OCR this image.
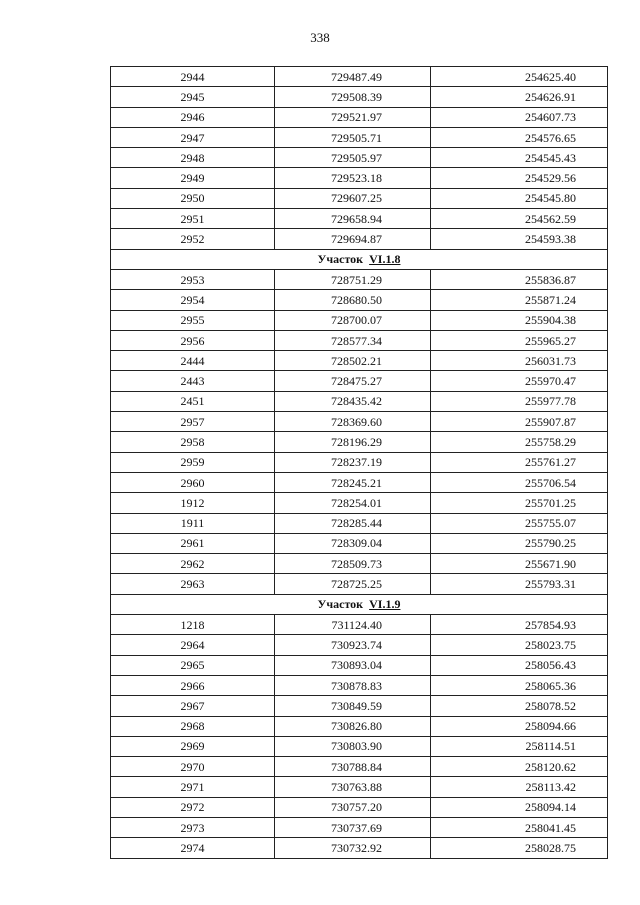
338
2944	729487.49	254625.40
2945	729508.39	254626.91
2946	729521.97	254607.73
2947	729505.71	254576.65
2948	729505.97	254545.43
2949	729523.18	254529.56
2950	729607.25	254545.80
2951	729658.94	254562.59
2952	729694.87	254593.38
Участок VI.1.8		
2953	728751.29	255836.87
2954	728680.50	255871.24
2955	728700.07	255904.38
2956	728577.34	255965.27
2444	728502.21	256031.73
2443	728475.27	255970.47
2451	728435.42	255977.78
2957	728369.60	255907.87
2958	728196.29	255758.29
2959	728237.19	255761.27
2960	728245.21	255706.54
1912	728254.01	255701.25
1911	728285.44	255755.07
2961	728309.04	255790.25
2962	728509.73	255671.90
2963	728725.25	255793.31
Участок VI.1.9		
1218	731124.40	257854.93
2964	730923.74	258023.75
2965	730893.04	258056.43
2966	730878.83	258065.36
2967	730849.59	258078.52
2968	730826.80	258094.66
2969	730803.90	258114.51
2970	730788.84	258120.62
2971	730763.88	258113.42
2972	730757.20	258094.14
2973	730737.69	258041.45
2974	730732.92	258028.75
